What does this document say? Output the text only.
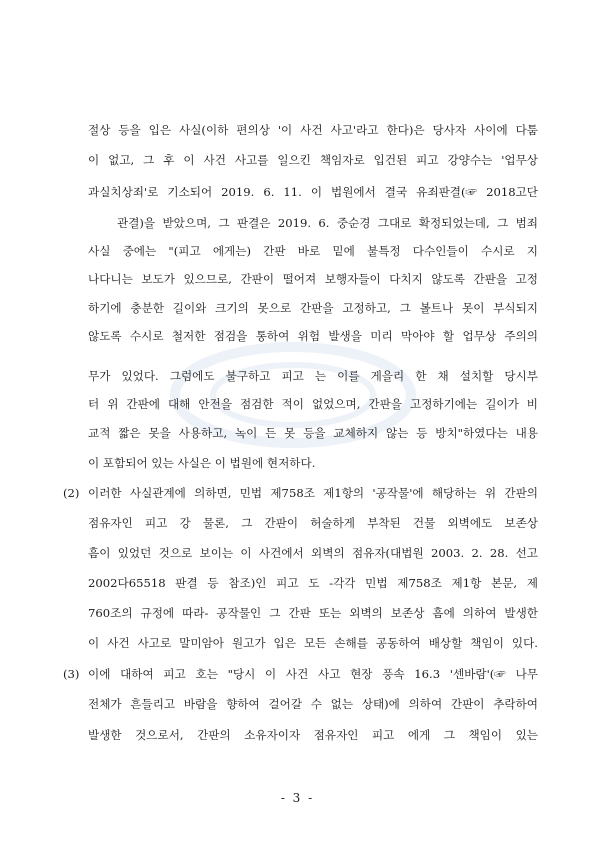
절상 등을 입은 사실(이하 편의상 '이 사건 사고'라고 한다)은 당사자 사이에 다툼
이 없고, 그 후 이 사건 사고를 일으킨 책임자로 입건된 피고 강양수는 '업무상
과실치상죄'로 기소되어 2019. 6. 11. 이 법원에서 결국 유죄판결(☞ 2018고단
관결)을 받았으며, 그 판결은 2019. 6. 중순경 그대로 확정되었는데, 그 범죄
사실 중에는 "(피고 에게는) 간판 바로 밑에 불특정 다수인들이 수시로 지
나다니는 보도가 있으므로, 간판이 떨어져 보행자들이 다치지 않도록 간판을 고정
하기에 충분한 길이와 크기의 못으로 간판을 고정하고, 그 볼트나 못이 부식되지
않도록 수시로 철저한 점검을 통하여 위험 발생을 미리 막아야 할 업무상 주의의
무가 있었다. 그럼에도 불구하고 피고 는 이를 게을리 한 채 설치할 당시부
터 위 간판에 대해 안전을 점검한 적이 없었으며, 간판을 고정하기에는 길이가 비
교적 짧은 못을 사용하고, 녹이 든 못 등을 교체하지 않는 등 방치"하였다는 내용
이 포함되어 있는 사실은 이 법원에 현저하다.
(2) 이러한 사실관계에 의하면, 민법 제758조 제1항의 '공작물'에 해당하는 위 간판의
점유자인 피고 강 물론, 그 간판이 허술하게 부착된 건물 외벽에도 보존상
흠이 있었던 것으로 보이는 이 사건에서 외벽의 점유자(대법원 2003. 2. 28. 선고
2002다65518 판결 등 참조)인 피고 도 -각각 민법 제758조 제1항 본문, 제
760조의 규정에 따라- 공작물인 그 간판 또는 외벽의 보존상 흠에 의하여 발생한
이 사건 사고로 말미암아 원고가 입은 모든 손해를 공동하여 배상할 책임이 있다.
(3) 이에 대하여 피고 호는 "당시 이 사건 사고 현장 풍속 16.3 '센바람'(☞ 나무
전체가 흔들리고 바람을 향하여 걸어갈 수 없는 상태)에 의하여 간판이 추락하여
발생한 것으로서, 간판의 소유자이자 점유자인 피고 에게 그 책임이 있는
- 3 -
